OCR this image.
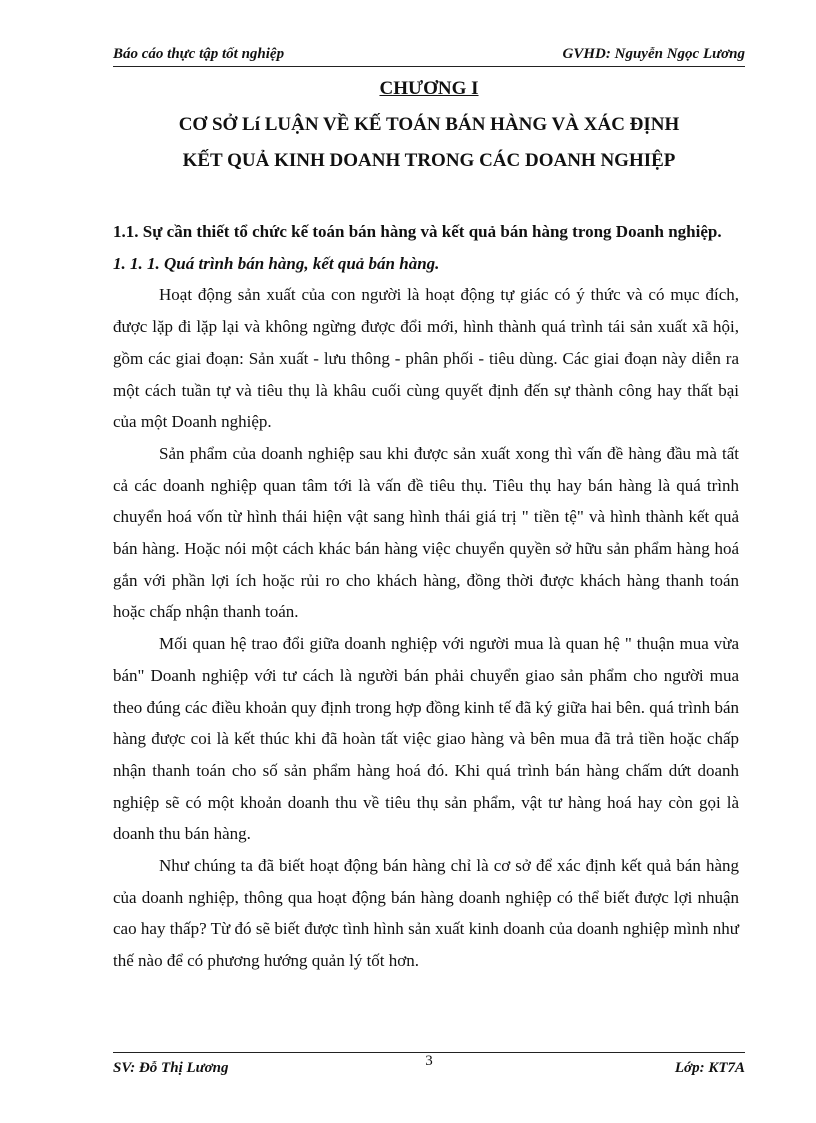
Báo cáo thực tập tốt nghiệp	GVHD: Nguyễn Ngọc Lương
CHƯƠNG I
CƠ SỞ Lí LUẬN VỀ KẾ TOÁN BÁN HÀNG VÀ XÁC ĐỊNH
KẾT QUẢ KINH DOANH TRONG CÁC DOANH NGHIỆP

1.1. Sự cần thiết tổ chức kế toán bán hàng và kết quả bán hàng trong Doanh nghiệp.

1. 1. 1. Quá trình bán hàng, kết quả bán hàng.

Hoạt động sản xuất của con người là hoạt động tự giác có ý thức và có mục đích, được lặp đi lặp lại và không ngừng được đổi mới, hình thành quá trình tái sản xuất xã hội, gồm các giai đoạn: Sản xuất - lưu thông - phân phối - tiêu dùng. Các giai đoạn này diễn ra một cách tuần tự và tiêu thụ là khâu cuối cùng quyết định đến sự thành công hay thất bại của một Doanh nghiệp.

Sản phẩm của doanh nghiệp sau khi được sản xuất xong thì vấn đề hàng đầu mà tất cả các doanh nghiệp quan tâm tới là vấn đề tiêu thụ. Tiêu thụ hay bán hàng là quá trình chuyển hoá vốn từ hình thái hiện vật sang hình thái giá trị " tiền tệ" và hình thành kết quả bán hàng. Hoặc nói một cách khác bán hàng việc chuyển quyền sở hữu sản phẩm hàng hoá gắn với phần lợi ích hoặc rủi ro cho khách hàng, đồng thời được khách hàng thanh toán hoặc chấp nhận thanh toán.

Mối quan hệ trao đổi giữa doanh nghiệp với người mua là quan hệ " thuận mua vừa bán" Doanh nghiệp với tư cách là người bán phải chuyển giao sản phẩm cho người mua theo đúng các điều khoản quy định trong hợp đồng kinh tế đã ký giữa hai bên. quá trình bán hàng được coi là kết thúc khi đã hoàn tất việc giao hàng và bên mua đã trả tiền hoặc chấp nhận thanh toán cho số sản phẩm hàng hoá đó. Khi quá trình bán hàng chấm dứt doanh nghiệp sẽ có một khoản doanh thu về tiêu thụ sản phẩm, vật tư hàng hoá hay còn gọi là doanh thu bán hàng.

Như chúng ta đã biết hoạt động bán hàng chỉ là cơ sở để xác định kết quả bán hàng của doanh nghiệp, thông qua hoạt động bán hàng doanh nghiệp có thể biết được lợi nhuận cao hay thấp? Từ đó sẽ biết được tình hình sản xuất kinh doanh của doanh nghiệp mình như thế nào để có phương hướng quản lý tốt hơn.

SV: Đỗ Thị Lương	3	Lớp: KT7A
